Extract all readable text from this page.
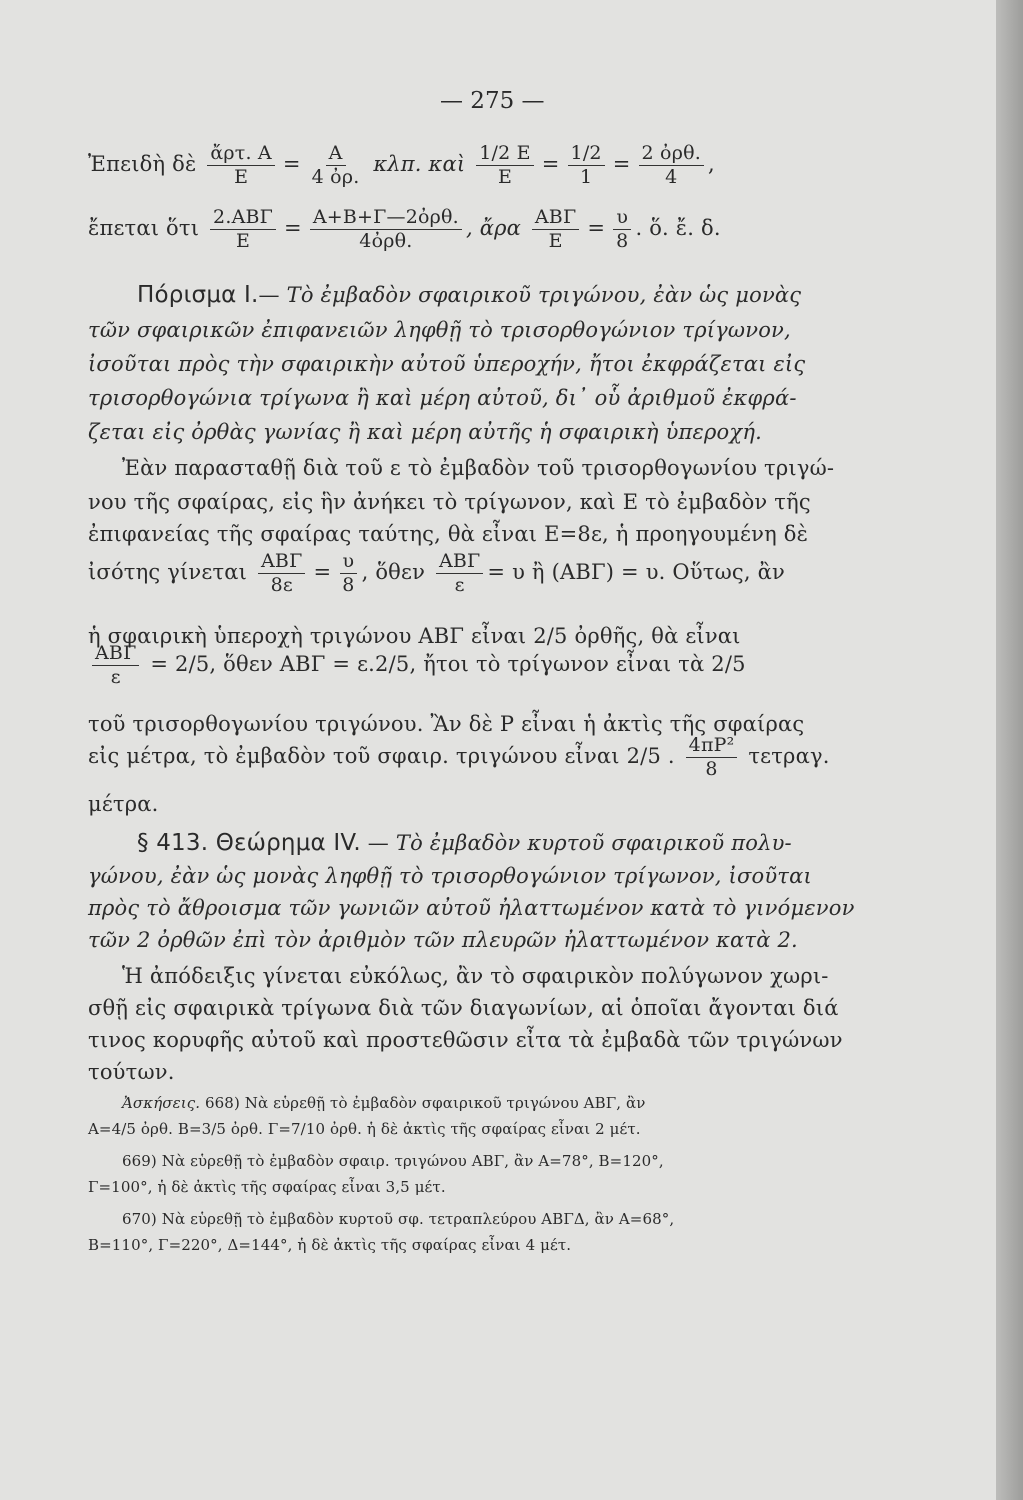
— 275 —
Ἐπειδὴ δὲ $\frac{\text{ἄρτ. Α}}{E} = \frac{A}{\text{4 ὀρ.}} \kappa\lambda\pi$. καὶ $\frac{1/2 E}{E} = \frac{1/2}{1} = \frac{\text{2 ὀρθ.}}{4}$ ,
ἔπεται ὅτι $\frac{\text{2.ΑΒΓ}}{E} = \frac{\text{Α+Β+Γ—2ὀρθ.}}{\text{4ὀρθ.}}$ , ἄρα $\frac{\text{ΑΒΓ}}{E} = \frac{\upsilon}{8}$ . ὅ. ἔ. δ.
Πόρισμα I.— Τὸ ἐμβαδὸν σφαιρικοῦ τριγώνου, ἐὰν ὡς μονὰς
τῶν σφαιρικῶν ἐπιφανειῶν ληφθῇ τὸ τρισορθογώνιον τρίγωνον,
ἰσοῦται πρὸς τὴν σφαιρικὴν αὐτοῦ ὑπεροχήν, ἤτοι ἐκφράζεται εἰς
τρισορθογώνια τρίγωνα ἢ καὶ μέρη αὐτοῦ, δι᾿ οὗ ἀριθμοῦ ἐκφρά-
ζεται εἰς ὀρθὰς γωνίας ἢ καὶ μέρη αὐτῆς ἡ σφαιρικὴ ὑπεροχή.
Ἐὰν παρασταθῇ διὰ τοῦ ε τὸ ἐμβαδὸν τοῦ τρισορθογωνίου τριγώ-
νου τῆς σφαίρας, εἰς ἣν ἀνήκει τὸ τρίγωνον, καὶ Ε τὸ ἐμβαδὸν τῆς
ἐπιφανείας τῆς σφαίρας ταύτης, θὰ εἶναι Ε=8ε, ἡ προηγουμένη δὲ
ἰσότης γίνεται $\frac{\text{ΑΒΓ}}{8\varepsilon} = \frac{\upsilon}{8}$ , ὅθεν $\frac{\text{ΑΒΓ}}{\varepsilon} = \upsilon$ ἢ (ΑΒΓ) = υ. Οὕτως, ἂν
ἡ σφαιρικὴ ὑπεροχὴ τριγώνου ΑΒΓ εἶναι 2/5 ὀρθῆς, θὰ εἶναι
$\frac{\text{ΑΒΓ}}{\varepsilon} = 2/5$, ὅθεν ΑΒΓ = ε.2/5, ἤτοι τὸ τρίγωνον εἶναι τὰ 2/5
τοῦ τρισορθογωνίου τριγώνου. Ἂν δὲ Ρ εἶναι ἡ ἀκτὶς τῆς σφαίρας
εἰς μέτρα, τὸ ἐμβαδὸν τοῦ σφαιρ. τριγώνου εἶναι 2/5 . $\frac{\text{4πΡ²}}{8} \tau\varepsilon\tau\rho\alpha\gamma$.
μέτρα.
§ 413. Θεώρημα IV. — Τὸ ἐμβαδὸν κυρτοῦ σφαιρικοῦ πολυ-
γώνου, ἐὰν ὡς μονὰς ληφθῇ τὸ τρισορθογώνιον τρίγωνον, ἰσοῦται
πρὸς τὸ ἄθροισμα τῶν γωνιῶν αὐτοῦ ἠλαττωμένον κατὰ τὸ γινόμενον
τῶν 2 ὀρθῶν ἐπὶ τὸν ἀριθμὸν τῶν πλευρῶν ἠλαττωμένον κατὰ 2.
Ἡ ἀπόδειξις γίνεται εὐκόλως, ἂν τὸ σφαιρικὸν πολύγωνον χωρι-
σθῇ εἰς σφαιρικὰ τρίγωνα διὰ τῶν διαγωνίων, αἱ ὁποῖαι ἄγονται διά
τινος κορυφῆς αὐτοῦ καὶ προστεθῶσιν εἶτα τὰ ἐμβαδὰ τῶν τριγώνων
τούτων.
Ἀσκήσεις. 668) Νὰ εὑρεθῇ τὸ ἐμβαδὸν σφαιρικοῦ τριγώνου ΑΒΓ, ἂν
Α=4/5 ὀρθ. Β=3/5 ὀρθ. Γ=7/10 ὀρθ. ἡ δὲ ἀκτὶς τῆς σφαίρας εἶναι 2 μέτ.
669) Νὰ εὑρεθῇ τὸ ἐμβαδὸν σφαιρ. τριγώνου ΑΒΓ, ἂν Α=78°, Β=120°,
Γ=100°, ἡ δὲ ἀκτὶς τῆς σφαίρας εἶναι 3,5 μέτ.
670) Νὰ εὑρεθῇ τὸ ἐμβαδὸν κυρτοῦ σφ. τετραπλεύρου ΑΒΓΔ, ἂν Α=68°,
Β=110°, Γ=220°, Δ=144°, ἡ δὲ ἀκτὶς τῆς σφαίρας εἶναι 4 μέτ.
